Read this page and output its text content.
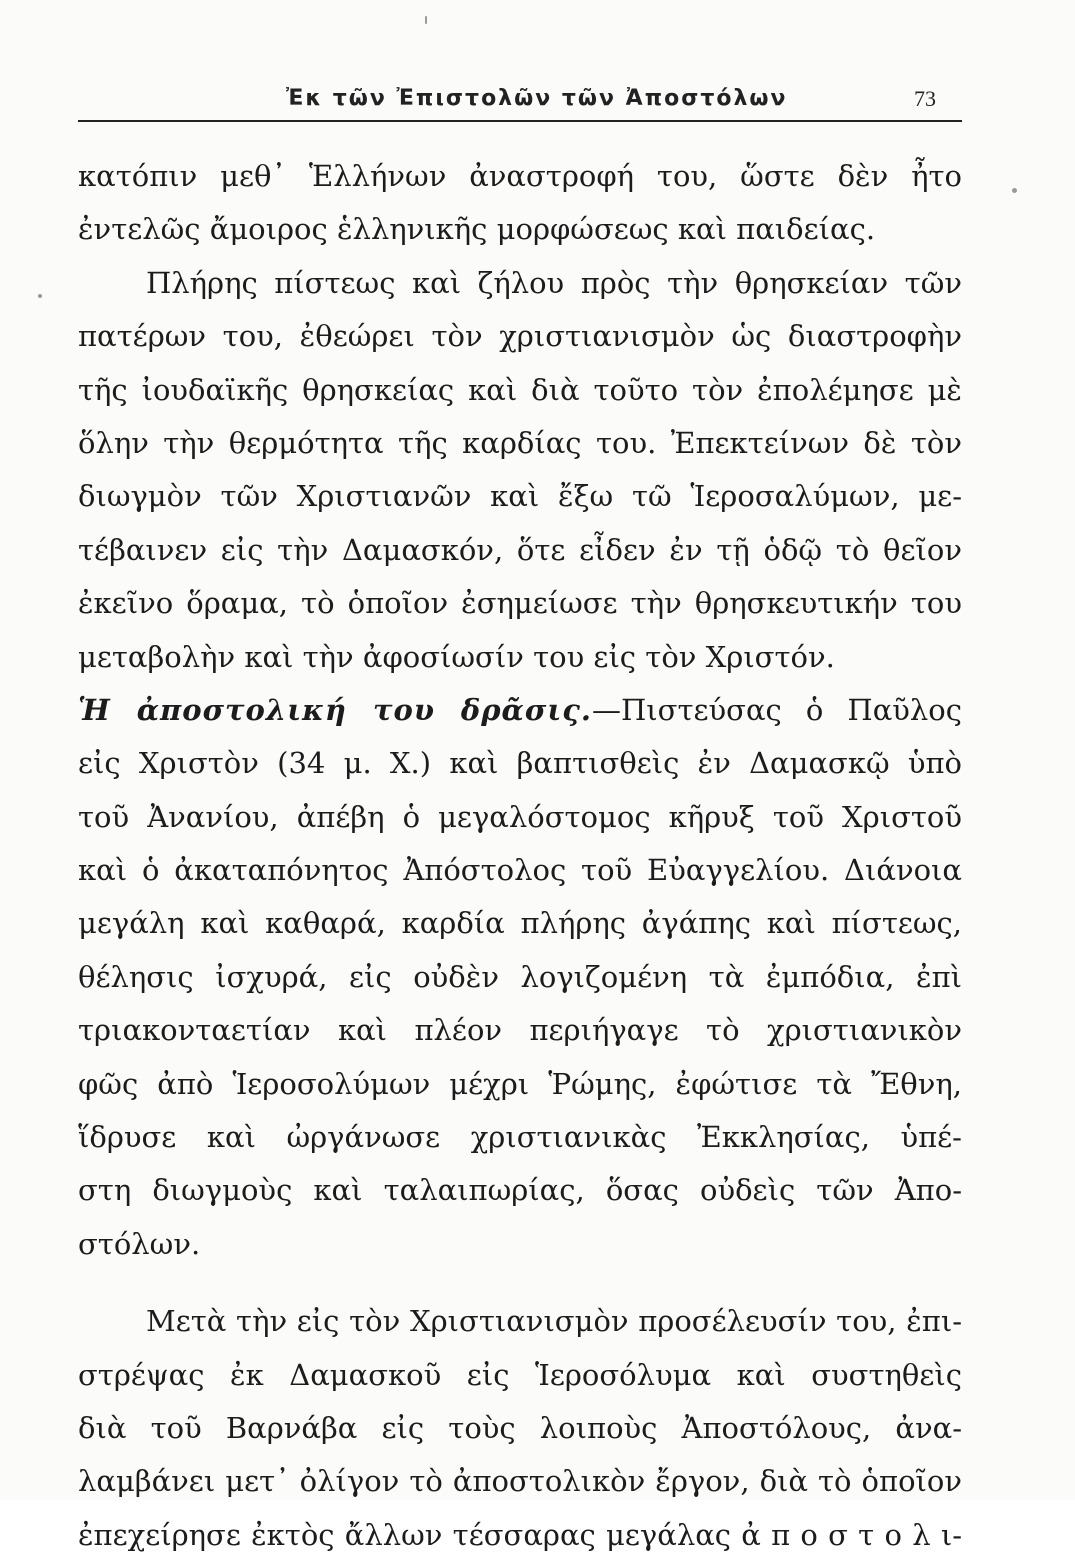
Ἐκ τῶν Ἐπιστολῶν τῶν Ἀποστόλων	73
κατόπιν μεθ᾽ Ἑλλήνων ἀναστροφή του, ὥστε δὲν ἦτο
ἐντελῶς ἄμοιρος ἑλληνικῆς μορφώσεως καὶ παιδείας.
Πλήρης πίστεως καὶ ζήλου πρὸς τὴν θρησκείαν τῶν
πατέρων του, ἐθεώρει τὸν χριστιανισμὸν ὡς διαστροφὴν
τῆς ἰουδαϊκῆς θρησκείας καὶ διὰ τοῦτο τὸν ἐπολέμησε μὲ
ὅλην τὴν θερμότητα τῆς καρδίας του. Ἐπεκτείνων δὲ τὸν
διωγμὸν τῶν Χριστιανῶν καὶ ἔξω τῶ Ἱεροσαλύμων, με-
τέβαινεν εἰς τὴν Δαμασκόν, ὅτε εἶδεν ἐν τῇ ὁδῷ τὸ θεῖον
ἐκεῖνο ὅραμα, τὸ ὁποῖον ἐσημείωσε τὴν θρησκευτικήν του
μεταβολὴν καὶ τὴν ἀφοσίωσίν του εἰς τὸν Χριστόν.
Ἡ ἀποστολική του δρᾶσις.—Πιστεύσας ὁ Παῦλος
εἰς Χριστὸν (34 μ. Χ.) καὶ βαπτισθεὶς ἐν Δαμασκῷ ὑπὸ
τοῦ Ἀνανίου, ἀπέβη ὁ μεγαλόστομος κῆρυξ τοῦ Χριστοῦ
καὶ ὁ ἀκαταπόνητος Ἀπόστολος τοῦ Εὐαγγελίου. Διάνοια
μεγάλη καὶ καθαρά, καρδία πλήρης ἀγάπης καὶ πίστεως,
θέλησις ἰσχυρά, εἰς οὐδὲν λογιζομένη τὰ ἐμπόδια, ἐπὶ
τριακονταετίαν καὶ πλέον περιήγαγε τὸ χριστιανικὸν
φῶς ἀπὸ Ἱεροσολύμων μέχρι Ῥώμης, ἐφώτισε τὰ Ἔθνη,
ἵδρυσε καὶ ὠργάνωσε χριστιανικὰς Ἐκκλησίας, ὑπέ-
στη διωγμοὺς καὶ ταλαιπωρίας, ὅσας οὐδεὶς τῶν Ἀπο-
στόλων.
Μετὰ τὴν εἰς τὸν Χριστιανισμὸν προσέλευσίν του, ἐπι-
στρέψας ἐκ Δαμασκοῦ εἰς Ἱεροσόλυμα καὶ συστηθεὶς
διὰ τοῦ Βαρνάβα εἰς τοὺς λοιποὺς Ἀποστόλους, ἀνα-
λαμβάνει μετ᾽ ὀλίγον τὸ ἀποστολικὸν ἔργον, διὰ τὸ ὁποῖον
ἐπεχείρησε ἐκτὸς ἄλλων τέσσαρας μεγάλας ἀ π ο σ τ ο λ ι-
